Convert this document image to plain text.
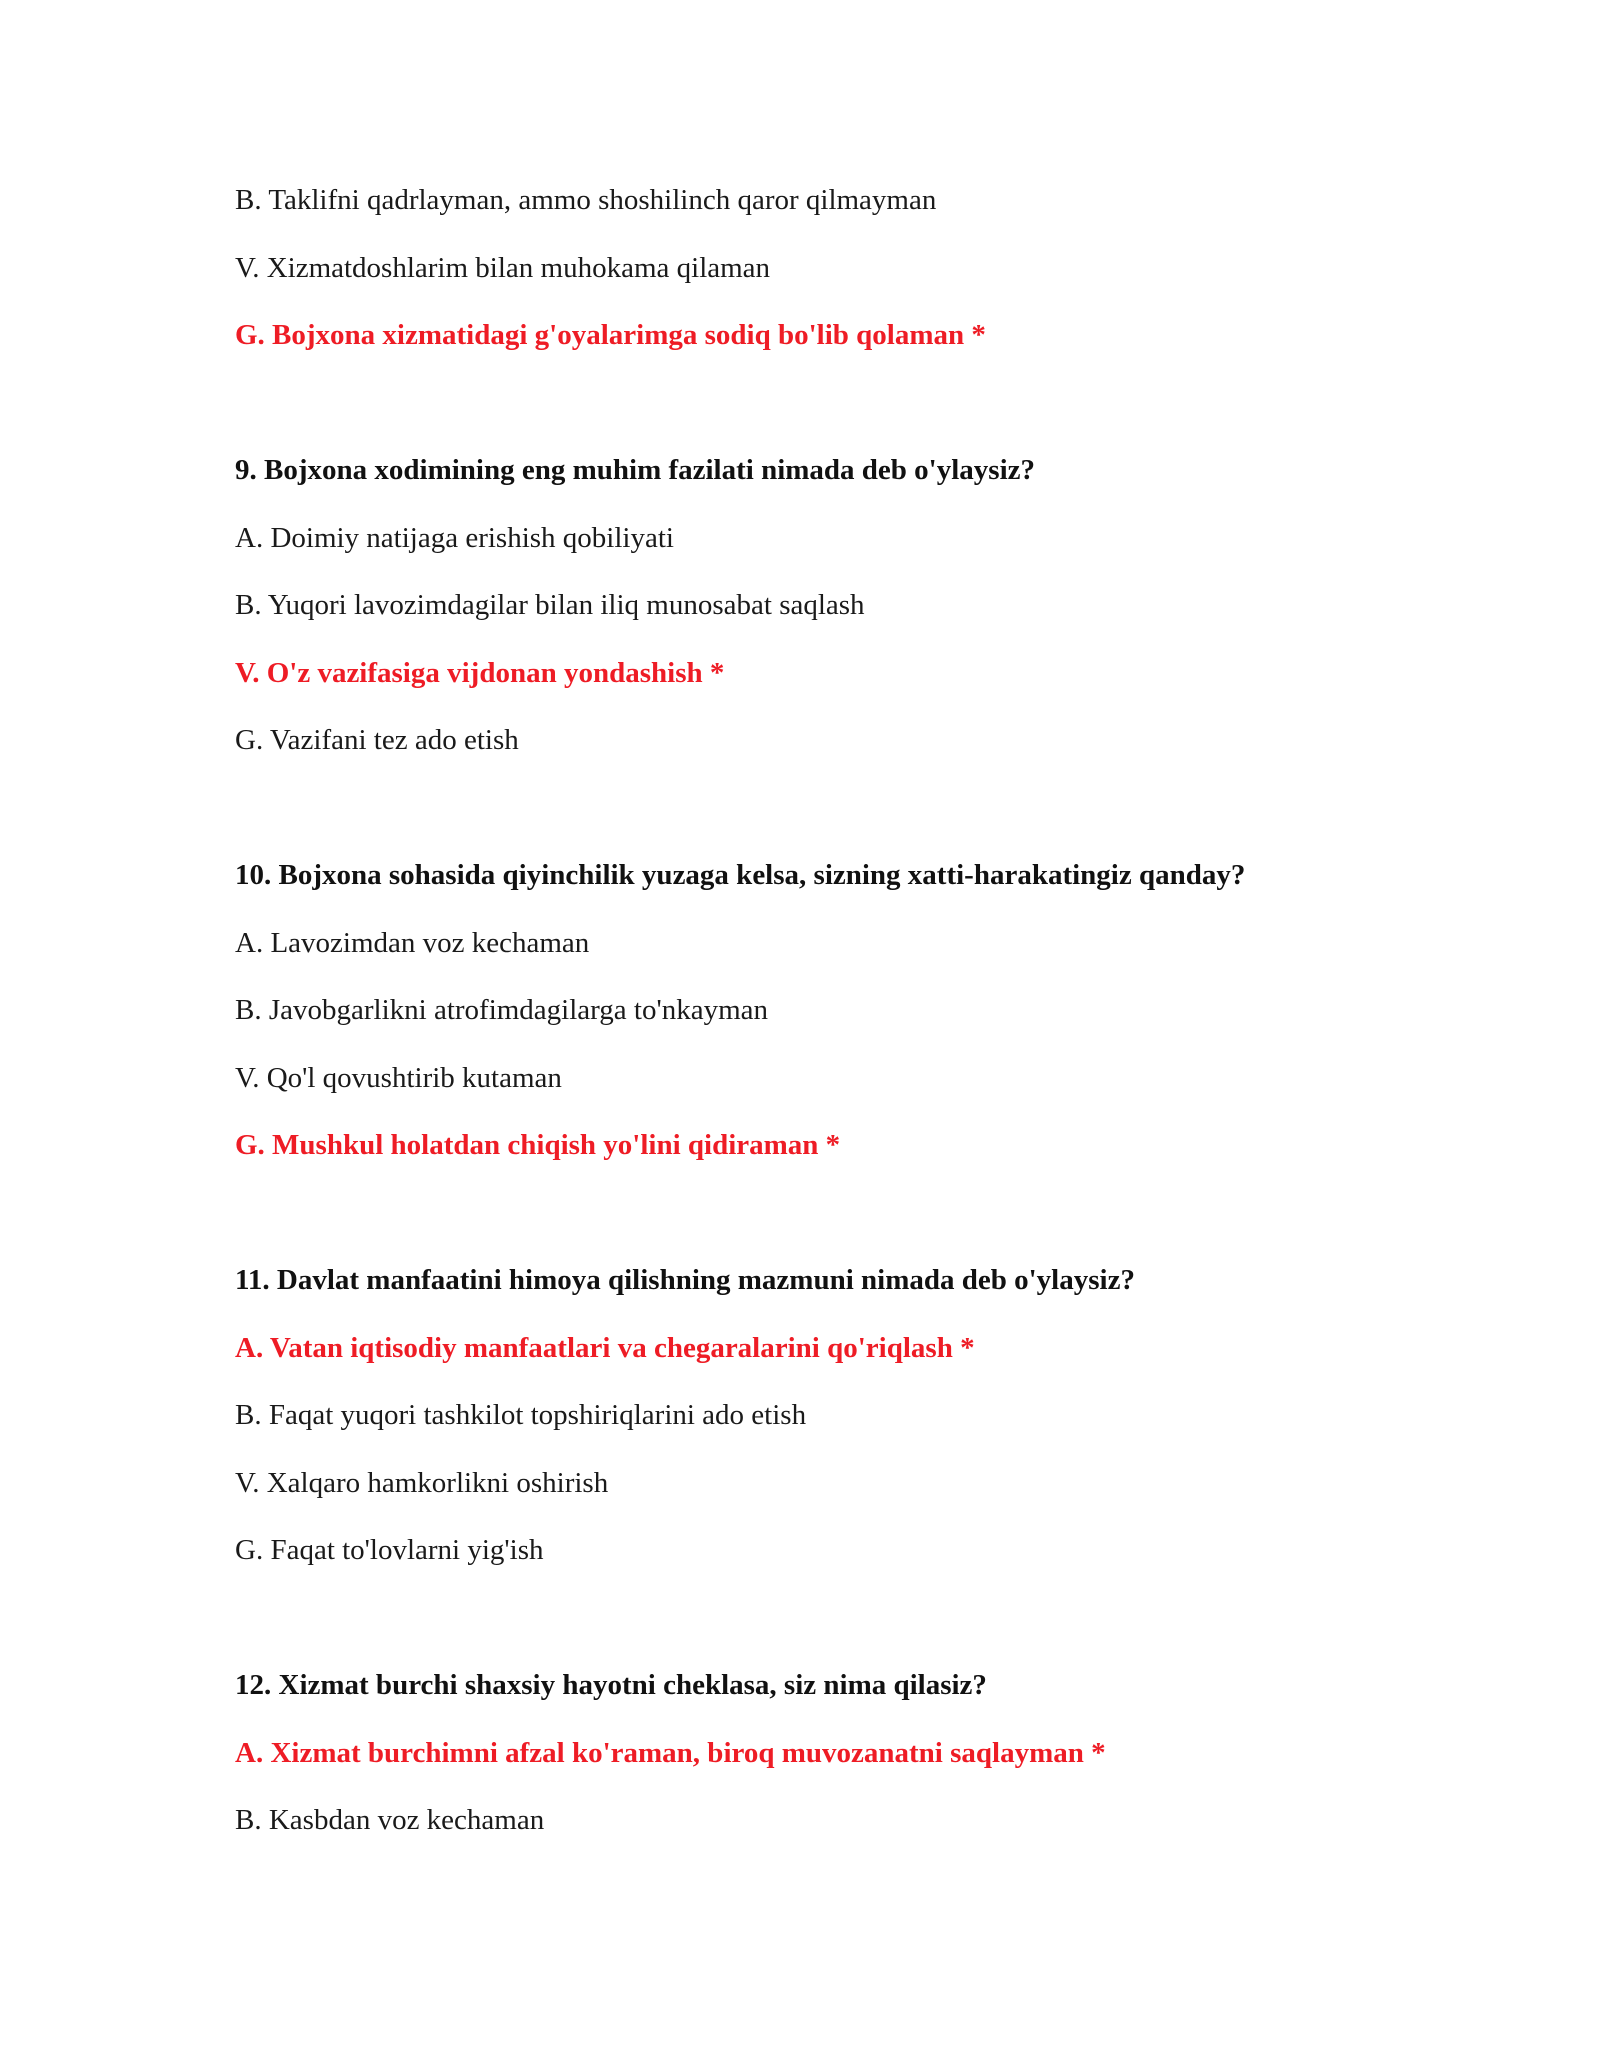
B. Taklifni qadrlayman, ammo shoshilinch qaror qilmayman
V. Xizmatdoshlarim bilan muhokama qilaman
G. Bojxona xizmatidagi g'oyalarimga sodiq bo'lib qolaman *
9. Bojxona xodimining eng muhim fazilati nimada deb o'ylaysiz?
A. Doimiy natijaga erishish qobiliyati
B. Yuqori lavozimdagilar bilan iliq munosabat saqlash
V. O'z vazifasiga vijdonan yondashish *
G. Vazifani tez ado etish
10. Bojxona sohasida qiyinchilik yuzaga kelsa, sizning xatti-harakatingiz qanday?
A. Lavozimdan voz kechaman
B. Javobgarlikni atrofimdagilarga to'nkayman
V. Qo'l qovushtirib kutaman
G. Mushkul holatdan chiqish yo'lini qidiraman *
11. Davlat manfaatini himoya qilishning mazmuni nimada deb o'ylaysiz?
A. Vatan iqtisodiy manfaatlari va chegaralarini qo'riqlash *
B. Faqat yuqori tashkilot topshiriqlarini ado etish
V. Xalqaro hamkorlikni oshirish
G. Faqat to'lovlarni yig'ish
12. Xizmat burchi shaxsiy hayotni cheklasa, siz nima qilasiz?
A. Xizmat burchimni afzal ko'raman, biroq muvozanatni saqlayman *
B. Kasbdan voz kechaman
